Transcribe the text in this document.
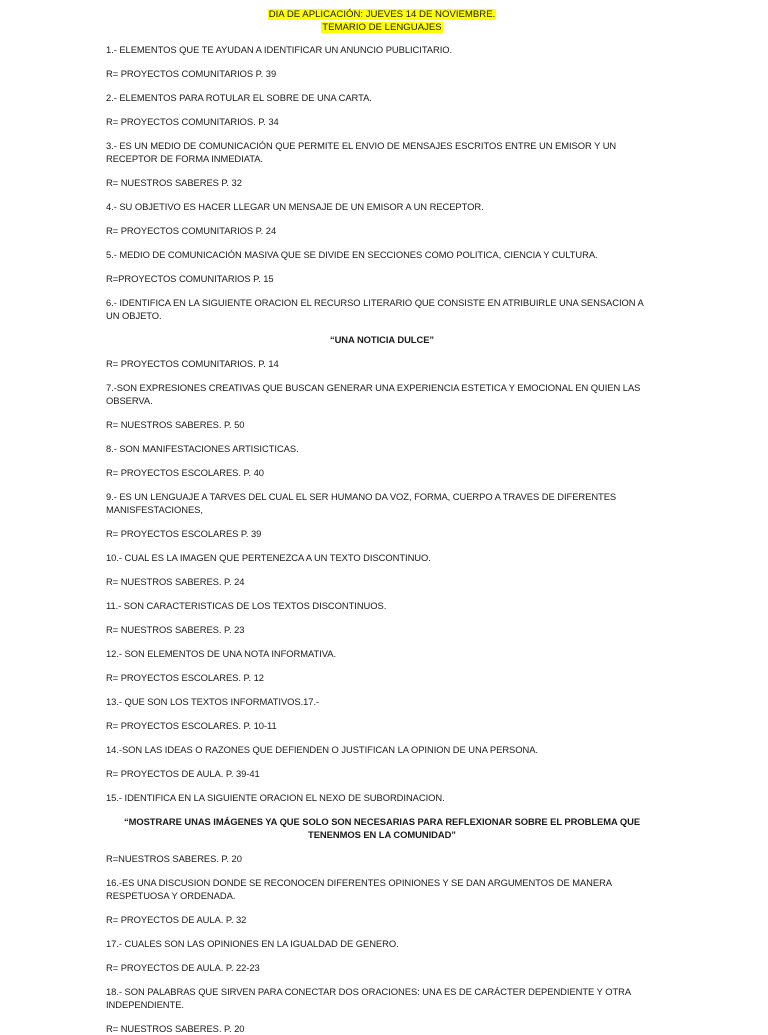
DIA DE APLICACIÓN: JUEVES 14 DE NOVIEMBRE.
TEMARIO DE LENGUAJES

1.- ELEMENTOS QUE TE AYUDAN A IDENTIFICAR UN ANUNCIO PUBLICITARIO.

R= PROYECTOS COMUNITARIOS P. 39

2.- ELEMENTOS PARA ROTULAR EL SOBRE DE UNA CARTA.

R= PROYECTOS COMUNITARIOS. P. 34

3.- ES UN MEDIO DE COMUNICACIÓN QUE PERMITE EL ENVIO DE MENSAJES ESCRITOS ENTRE UN EMISOR Y UN RECEPTOR DE FORMA INMEDIATA.

R= NUESTROS SABERES P. 32

4.- SU OBJETIVO ES HACER LLEGAR UN MENSAJE DE UN EMISOR A UN RECEPTOR.

R= PROYECTOS COMUNITARIOS P. 24

5.- MEDIO DE COMUNICACIÓN MASIVA QUE SE DIVIDE EN SECCIONES COMO POLITICA, CIENCIA Y CULTURA.

R=PROYECTOS COMUNITARIOS P. 15

6.- IDENTIFICA EN LA SIGUIENTE ORACION EL RECURSO LITERARIO QUE CONSISTE EN ATRIBUIRLE UNA SENSACION A UN OBJETO.

“UNA NOTICIA DULCE”

R= PROYECTOS COMUNITARIOS. P. 14

7.-SON EXPRESIONES CREATIVAS QUE BUSCAN GENERAR UNA EXPERIENCIA ESTETICA Y EMOCIONAL EN QUIEN LAS OBSERVA.

R= NUESTROS SABERES. P. 50

8.- SON MANIFESTACIONES ARTISICTICAS.

R= PROYECTOS ESCOLARES. P. 40

9.- ES UN LENGUAJE A TARVES DEL CUAL EL SER HUMANO DA VOZ, FORMA, CUERPO A TRAVES DE DIFERENTES MANISFESTACIONES,

R= PROYECTOS ESCOLARES P. 39

10.- CUAL ES LA IMAGEN QUE PERTENEZCA A UN TEXTO DISCONTINUO.

R= NUESTROS SABERES. P. 24

11.- SON CARACTERISTICAS DE LOS TEXTOS DISCONTINUOS.

R= NUESTROS SABERES. P. 23

12.- SON ELEMENTOS DE UNA NOTA INFORMATIVA.

R= PROYECTOS ESCOLARES. P. 12

13.- QUE SON LOS TEXTOS INFORMATIVOS.17.-

R= PROYECTOS ESCOLARES. P. 10-11

14.-SON LAS IDEAS O RAZONES QUE DEFIENDEN O JUSTIFICAN LA OPINION DE UNA PERSONA.

R= PROYECTOS DE AULA. P. 39-41

15.- IDENTIFICA EN LA SIGUIENTE ORACION EL NEXO DE SUBORDINACION.

“MOSTRARE UNAS IMÁGENES YA QUE SOLO SON NECESARIAS PARA REFLEXIONAR SOBRE EL PROBLEMA QUE TENENMOS EN LA COMUNIDAD”

R=NUESTROS SABERES. P. 20

16.-ES UNA DISCUSION DONDE SE RECONOCEN DIFERENTES OPINIONES Y SE DAN ARGUMENTOS DE MANERA RESPETUOSA Y ORDENADA.

R= PROYECTOS DE AULA. P. 32

17.- CUALES SON LAS OPINIONES EN LA IGUALDAD DE GENERO.

R= PROYECTOS DE AULA. P. 22-23

18.- SON PALABRAS QUE SIRVEN PARA CONECTAR DOS ORACIONES: UNA ES DE CARÁCTER DEPENDIENTE Y OTRA INDEPENDIENTE.

R= NUESTROS SABERES. P. 20
